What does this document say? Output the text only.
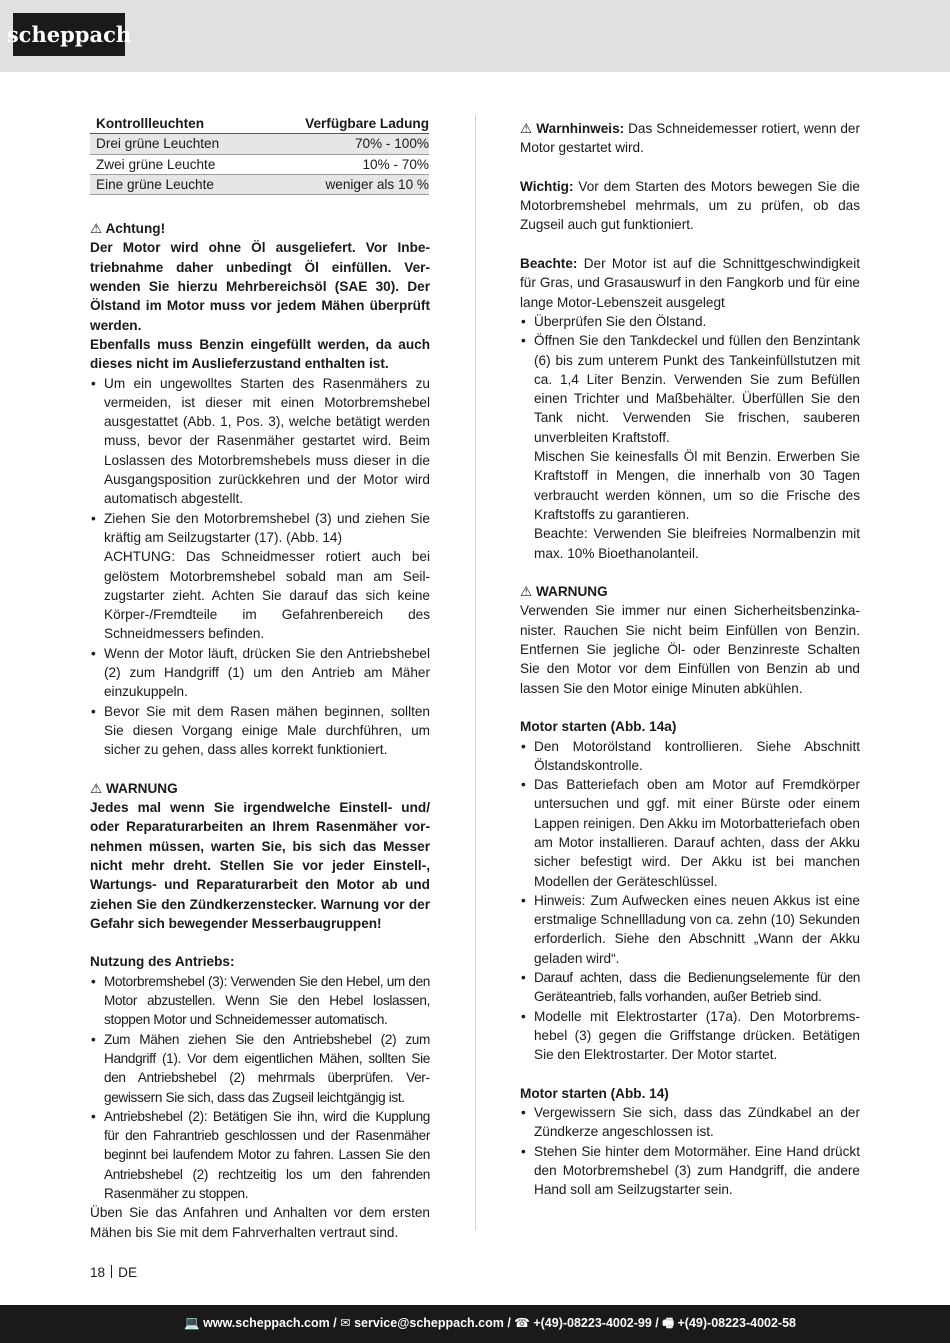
scheppach
Kontrollleuchten	Verfügbare Ladung
Drei grüne Leuchten	70% - 100%
Zwei grüne Leuchte	10% - 70%
Eine grüne Leuchte	weniger als 10 %

⚠ Achtung!

Der Motor wird ohne Öl ausgeliefert. Vor Inbetriebnahme daher unbedingt Öl einfüllen. Verwenden Sie hierzu Mehrbereichsöl (SAE 30). Der Ölstand im Motor muss vor jedem Mähen überprüft werden.

Ebenfalls muss Benzin eingefüllt werden, da auch dieses nicht im Auslieferzustand enthalten ist.

• Um ein ungewolltes Starten des Rasenmähers zu vermeiden, ist dieser mit einen Motorbremshebel ausgestattet (Abb. 1, Pos. 3), welche betätigt werden muss, bevor der Rasenmäher gestartet wird. Beim Loslassen des Motorbremshebels muss dieser in die Ausgangsposition zurückkehren und der Motor wird automatisch abgestellt.
• Ziehen Sie den Motorbremshebel (3) und ziehen Sie kräftig am Seilzugstarter (17). (Abb. 14)

ACHTUNG: Das Schneidmesser rotiert auch bei gelöstem Motorbremshebel sobald man am Seilzugstarter zieht. Achten Sie darauf das sich keine Körper-/Fremdteile im Gefahrenbereich des Schneidmessers befinden.

• Wenn der Motor läuft, drücken Sie den Antriebshebel (2) zum Handgriff (1) um den Antrieb am Mäher einzukuppeln.
• Bevor Sie mit dem Rasen mähen beginnen, sollten Sie diesen Vorgang einige Male durchführen, um sicher zu gehen, dass alles korrekt funktioniert.

⚠ WARNUNG

Jedes mal wenn Sie irgendwelche Einstell- und/ oder Reparaturarbeiten an Ihrem Rasenmäher vornehmen müssen, warten Sie, bis sich das Messer nicht mehr dreht. Stellen Sie vor jeder Einstell-, Wartungs- und Reparaturarbeit den Motor ab und ziehen Sie den Zündkerzenstecker. Warnung vor der Gefahr sich bewegender Messerbaugruppen!

Nutzung des Antriebs:

• Motorbremshebel (3): Verwenden Sie den Hebel, um den Motor abzustellen. Wenn Sie den Hebel loslassen, stoppen Motor und Schneidemesser automatisch.
• Zum Mähen ziehen Sie den Antriebshebel (2) zum Handgriff (1). Vor dem eigentlichen Mähen, sollten Sie den Antriebshebel (2) mehrmals überprüfen. Vergewissern Sie sich, dass das Zugseil leichtgängig ist.
• Antriebshebel (2): Betätigen Sie ihn, wird die Kupplung für den Fahrantrieb geschlossen und der Rasenmäher beginnt bei laufendem Motor zu fahren. Lassen Sie den Antriebshebel (2) rechtzeitig los um den fahrenden Rasenmäher zu stoppen.

Üben Sie das Anfahren und Anhalten vor dem ersten Mähen bis Sie mit dem Fahrverhalten vertraut sind.

⚠ Warnhinweis: Das Schneidemesser rotiert, wenn der Motor gestartet wird.

Wichtig: Vor dem Starten des Motors bewegen Sie die Motorbremshebel mehrmals, um zu prüfen, ob das Zugseil auch gut funktioniert.

Beachte: Der Motor ist auf die Schnittgeschwindigkeit für Gras, und Grasauswurf in den Fangkorb und für eine lange Motor-Lebenszeit ausgelegt

• Überprüfen Sie den Ölstand.
• Öffnen Sie den Tankdeckel und füllen den Benzintank (6) bis zum unterem Punkt des Tankeinfüllstutzen mit ca. 1,4 Liter Benzin. Verwenden Sie zum Befüllen einen Trichter und Maßbehälter. Überfüllen Sie den Tank nicht. Verwenden Sie frischen, sauberen unverbleiten Kraftstoff.

Mischen Sie keinesfalls Öl mit Benzin. Erwerben Sie Kraftstoff in Mengen, die innerhalb von 30 Tagen verbraucht werden können, um so die Frische des Kraftstoffs zu garantieren.

Beachte: Verwenden Sie bleifreies Normalbenzin mit max. 10% Bioethanolanteil.

⚠ WARNUNG

Verwenden Sie immer nur einen Sicherheitsbenzinkanister. Rauchen Sie nicht beim Einfüllen von Benzin. Entfernen Sie jegliche Öl- oder Benzinreste Schalten Sie den Motor vor dem Einfüllen von Benzin ab und lassen Sie den Motor einige Minuten abkühlen.

Motor starten (Abb. 14a)

• Den Motorölstand kontrollieren. Siehe Abschnitt Ölstandskontrolle.
• Das Batteriefach oben am Motor auf Fremdkörper untersuchen und ggf. mit einer Bürste oder einem Lappen reinigen. Den Akku im Motorbatteriefach oben am Motor installieren. Darauf achten, dass der Akku sicher befestigt wird. Der Akku ist bei manchen Modellen der Geräteschlüssel.
• Hinweis: Zum Aufwecken eines neuen Akkus ist eine erstmalige Schnellladung von ca. zehn (10) Sekunden erforderlich. Siehe den Abschnitt „Wann der Akku geladen wird“.
• Darauf achten, dass die Bedienungselemente für den Geräteantrieb, falls vorhanden, außer Betrieb sind.
• Modelle mit Elektrostarter (17a). Den Motorbremshebel (3) gegen die Griffstange drücken. Betätigen Sie den Elektrostarter. Der Motor startet.

Motor starten (Abb. 14)

• Vergewissern Sie sich, dass das Zündkabel an der Zündkerze angeschlossen ist.
• Stehen Sie hinter dem Motormäher. Eine Hand drückt den Motorbremshebel (3) zum Handgriff, die andere Hand soll am Seilzugstarter sein.
18 DE
💻 www.scheppach.com / ✉ service@scheppach.com / ☎ +(49)-08223-4002-99 / 🖷 +(49)-08223-4002-58
